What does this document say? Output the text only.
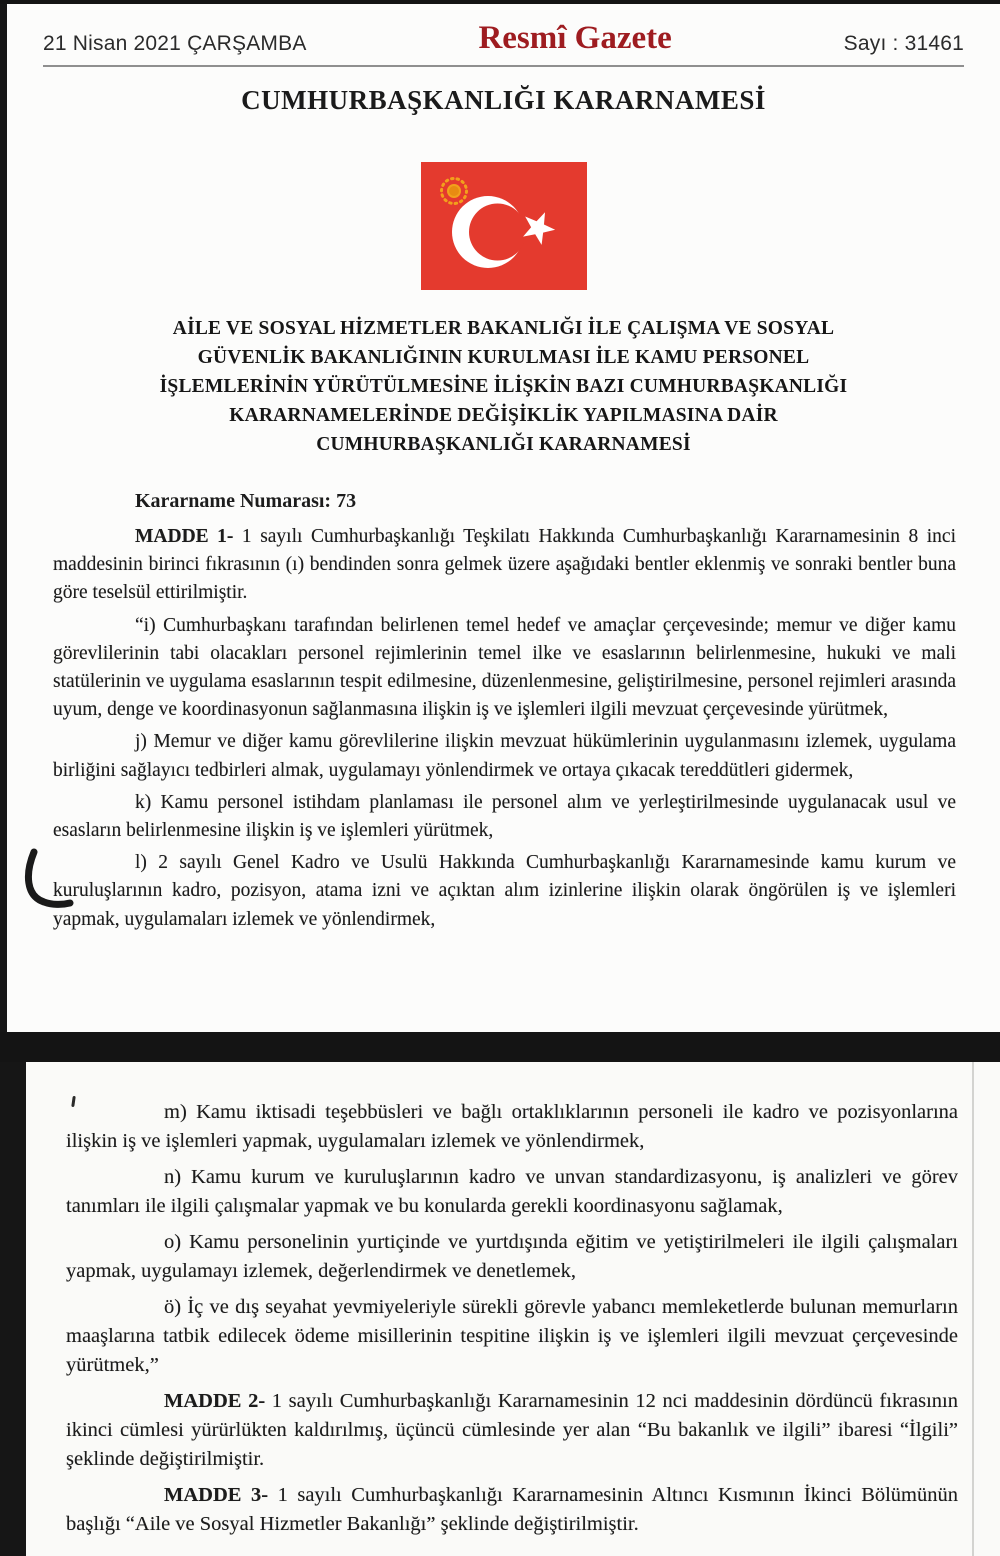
21 Nisan 2021 ÇARŞAMBA	Resmî Gazete	Sayı : 31461
CUMHURBAŞKANLIĞI KARARNAMESİ
AİLE VE SOSYAL HİZMETLER BAKANLIĞI İLE ÇALIŞMA VE SOSYAL
GÜVENLİK BAKANLIĞININ KURULMASI İLE KAMU PERSONEL
İŞLEMLERİNİN YÜRÜTÜLMESİNE İLİŞKİN BAZI CUMHURBAŞKANLIĞI
KARARNAMELERİNDE DEĞİŞİKLİK YAPILMASINA DAİR
CUMHURBAŞKANLIĞI KARARNAMESİ

Kararname Numarası: 73

MADDE 1- 1 sayılı Cumhurbaşkanlığı Teşkilatı Hakkında Cumhurbaşkanlığı Kararnamesinin 8 inci maddesinin birinci fıkrasının (ı) bendinden sonra gelmek üzere aşağıdaki bentler eklenmiş ve sonraki bentler buna göre teselsül ettirilmiştir.

“i) Cumhurbaşkanı tarafından belirlenen temel hedef ve amaçlar çerçevesinde; memur ve diğer kamu görevlilerinin tabi olacakları personel rejimlerinin temel ilke ve esaslarının belirlenmesine, hukuki ve mali statülerinin ve uygulama esaslarının tespit edilmesine, düzenlenmesine, geliştirilmesine, personel rejimleri arasında uyum, denge ve koordinasyonun sağlanmasına ilişkin iş ve işlemleri ilgili mevzuat çerçevesinde yürütmek,

j) Memur ve diğer kamu görevlilerine ilişkin mevzuat hükümlerinin uygulanmasını izlemek, uygulama birliğini sağlayıcı tedbirleri almak, uygulamayı yönlendirmek ve ortaya çıkacak tereddütleri gidermek,

k) Kamu personel istihdam planlaması ile personel alım ve yerleştirilmesinde uygulanacak usul ve esasların belirlenmesine ilişkin iş ve işlemleri yürütmek,

l) 2 sayılı Genel Kadro ve Usulü Hakkında Cumhurbaşkanlığı Kararnamesinde kamu kurum ve kuruluşlarının kadro, pozisyon, atama izni ve açıktan alım izinlerine ilişkin olarak öngörülen iş ve işlemleri yapmak, uygulamaları izlemek ve yönlendirmek,

m) Kamu iktisadi teşebbüsleri ve bağlı ortaklıklarının personeli ile kadro ve pozisyonlarına ilişkin iş ve işlemleri yapmak, uygulamaları izlemek ve yönlendirmek,

n) Kamu kurum ve kuruluşlarının kadro ve unvan standardizasyonu, iş analizleri ve görev tanımları ile ilgili çalışmalar yapmak ve bu konularda gerekli koordinasyonu sağlamak,

o) Kamu personelinin yurtiçinde ve yurtdışında eğitim ve yetiştirilmeleri ile ilgili çalışmaları yapmak, uygulamayı izlemek, değerlendirmek ve denetlemek,

ö) İç ve dış seyahat yevmiyeleriyle sürekli görevle yabancı memleketlerde bulunan memurların maaşlarına tatbik edilecek ödeme misillerinin tespitine ilişkin iş ve işlemleri ilgili mevzuat çerçevesinde yürütmek,”

MADDE 2- 1 sayılı Cumhurbaşkanlığı Kararnamesinin 12 nci maddesinin dördüncü fıkrasının ikinci cümlesi yürürlükten kaldırılmış, üçüncü cümlesinde yer alan “Bu bakanlık ve ilgili” ibaresi “İlgili” şeklinde değiştirilmiştir.

MADDE 3- 1 sayılı Cumhurbaşkanlığı Kararnamesinin Altıncı Kısmının İkinci Bölümünün başlığı “Aile ve Sosyal Hizmetler Bakanlığı” şeklinde değiştirilmiştir.
